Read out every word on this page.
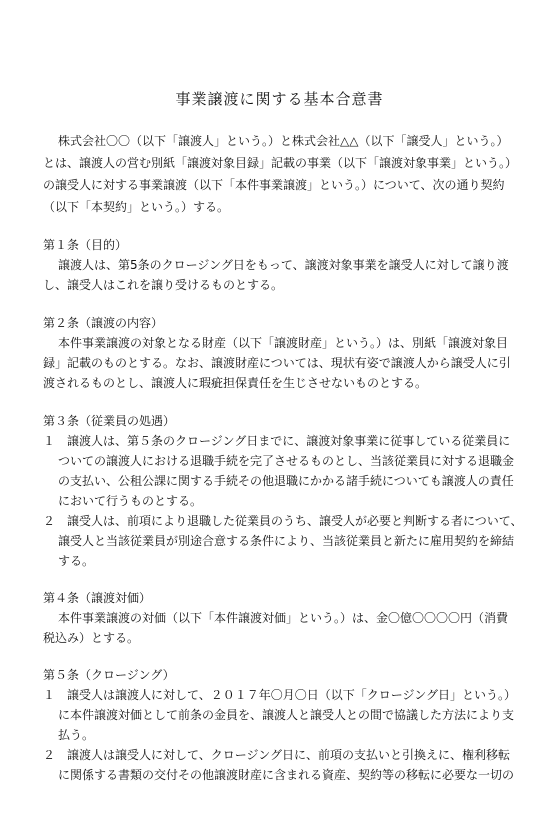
事業譲渡に関する基本合意書
株式会社〇〇（以下「譲渡人」という。）と株式会社△△（以下「譲受人」という。）
とは、譲渡人の営む別紙「譲渡対象目録」記載の事業（以下「譲渡対象事業」という。）
の譲受人に対する事業譲渡（以下「本件事業譲渡」という。）について、次の通り契約
（以下「本契約」という。）する。
第１条（目的）
譲渡人は、第5条のクロージング日をもって、譲渡対象事業を譲受人に対して譲り渡
し、譲受人はこれを譲り受けるものとする。
第２条（譲渡の内容）
本件事業譲渡の対象となる財産（以下「譲渡財産」という。）は、別紙「譲渡対象目
録」記載のものとする。なお、譲渡財産については、現状有姿で譲渡人から譲受人に引
渡されるものとし、譲渡人に瑕疵担保責任を生じさせないものとする。
第３条（従業員の処遇）
１　譲渡人は、第５条のクロージング日までに、譲渡対象事業に従事している従業員に
ついての譲渡人における退職手続を完了させるものとし、当該従業員に対する退職金
の支払い、公租公課に関する手続その他退職にかかる諸手続についても譲渡人の責任
において行うものとする。
２　譲受人は、前項により退職した従業員のうち、譲受人が必要と判断する者について、
譲受人と当該従業員が別途合意する条件により、当該従業員と新たに雇用契約を締結
する。
第４条（譲渡対価）
本件事業譲渡の対価（以下「本件譲渡対価」という。）は、金〇億〇〇〇〇円（消費
税込み）とする。
第５条（クロージング）
１　譲受人は譲渡人に対して、２０１７年〇月〇日（以下「クロージング日」という。）
に本件譲渡対価として前条の金員を、譲渡人と譲受人との間で協議した方法により支
払う。
２　譲渡人は譲受人に対して、クロージング日に、前項の支払いと引換えに、権利移転
に関係する書類の交付その他譲渡財産に含まれる資産、契約等の移転に必要な一切の
